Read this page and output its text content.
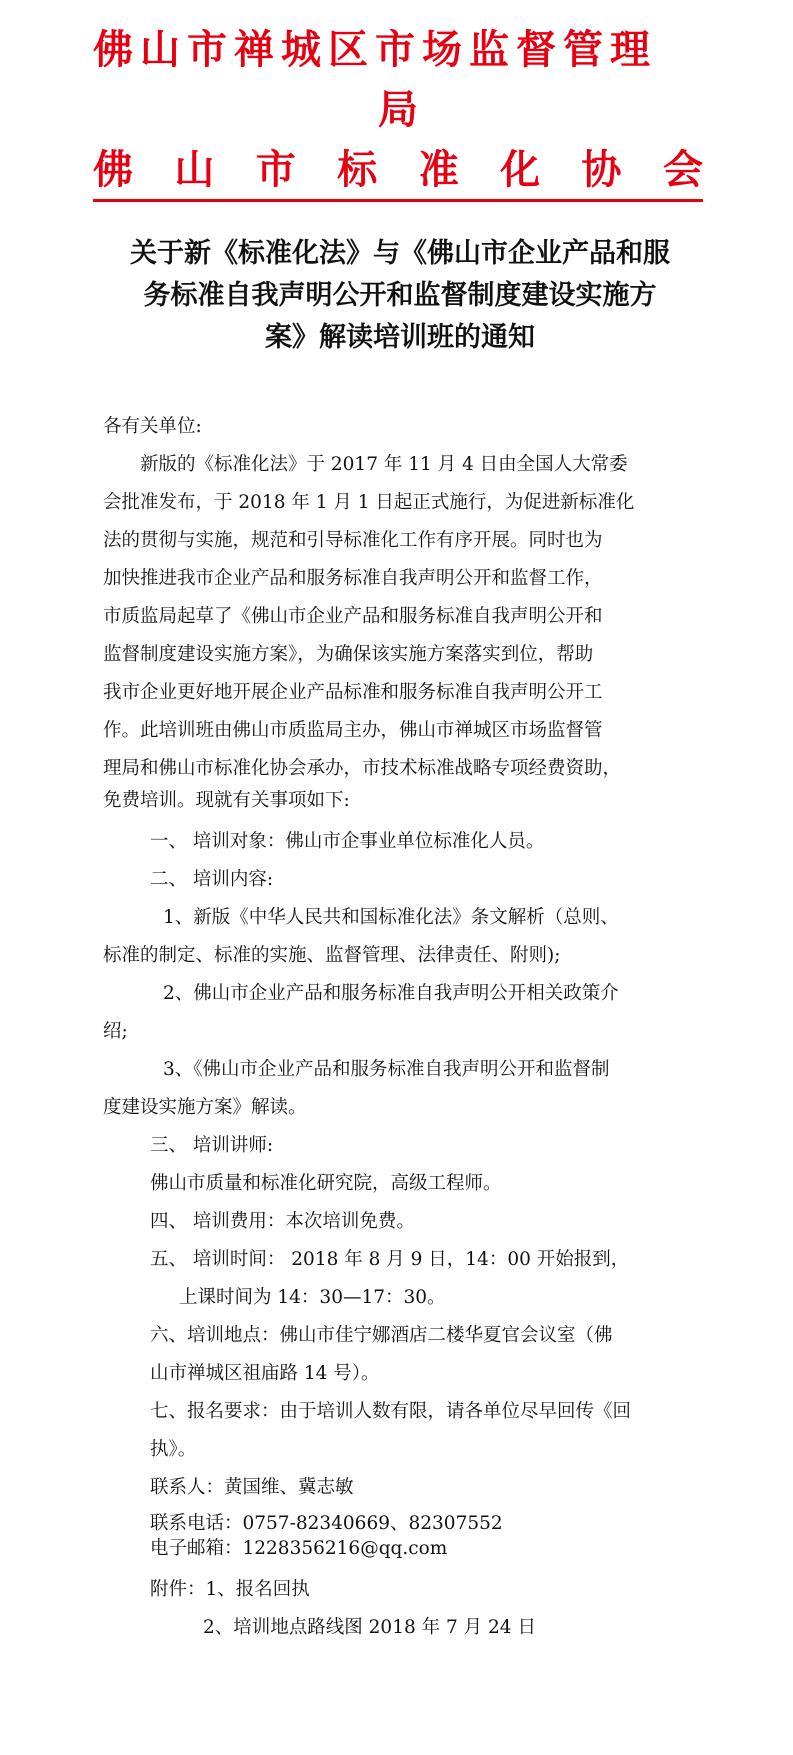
佛山市禅城区市场监督管理
局
佛 山 市 标 准 化 协 会
关于新《标准化法》与《佛山市企业产品和服
务标准自我声明公开和监督制度建设实施方
案》解读培训班的通知

各有关单位:

新版的《标准化法》于 2017 年 11 月 4 日由全国人大常委

会批准发布，于 2018 年 1 月 1 日起正式施行，为促进新标准化

法的贯彻与实施，规范和引导标准化工作有序开展。同时也为

加快推进我市企业产品和服务标准自我声明公开和监督工作，

市质监局起草了《佛山市企业产品和服务标准自我声明公开和

监督制度建设实施方案》，为确保该实施方案落实到位，帮助

我市企业更好地开展企业产品标准和服务标准自我声明公开工

作。此培训班由佛山市质监局主办，佛山市禅城区市场监督管

理局和佛山市标准化协会承办，市技术标准战略专项经费资助，

免费培训。现就有关事项如下:

一、 培训对象：佛山市企事业单位标准化人员。

二、 培训内容:

1、新版《中华人民共和国标准化法》条文解析（总则、

标准的制定、标准的实施、监督管理、法律责任、附则);

2、佛山市企业产品和服务标准自我声明公开相关政策介

绍;

3、《佛山市企业产品和服务标准自我声明公开和监督制

度建设实施方案》解读。

三、 培训讲师:

佛山市质量和标准化研究院，高级工程师。

四、 培训费用：本次培训免费。

五、 培训时间： 2018 年 8 月 9 日，14：00 开始报到，

上课时间为 14：30—17：30。

六、培训地点：佛山市佳宁娜酒店二楼华夏官会议室（佛

山市禅城区祖庙路 14 号）。

七、报名要求：由于培训人数有限，请各单位尽早回传《回

执》。

联系人：黄国维、冀志敏

联系电话：0757-82340669、82307552

电子邮箱：1228356216@qq.com

附件：1、报名回执

2、培训地点路线图 2018 年 7 月 24 日
